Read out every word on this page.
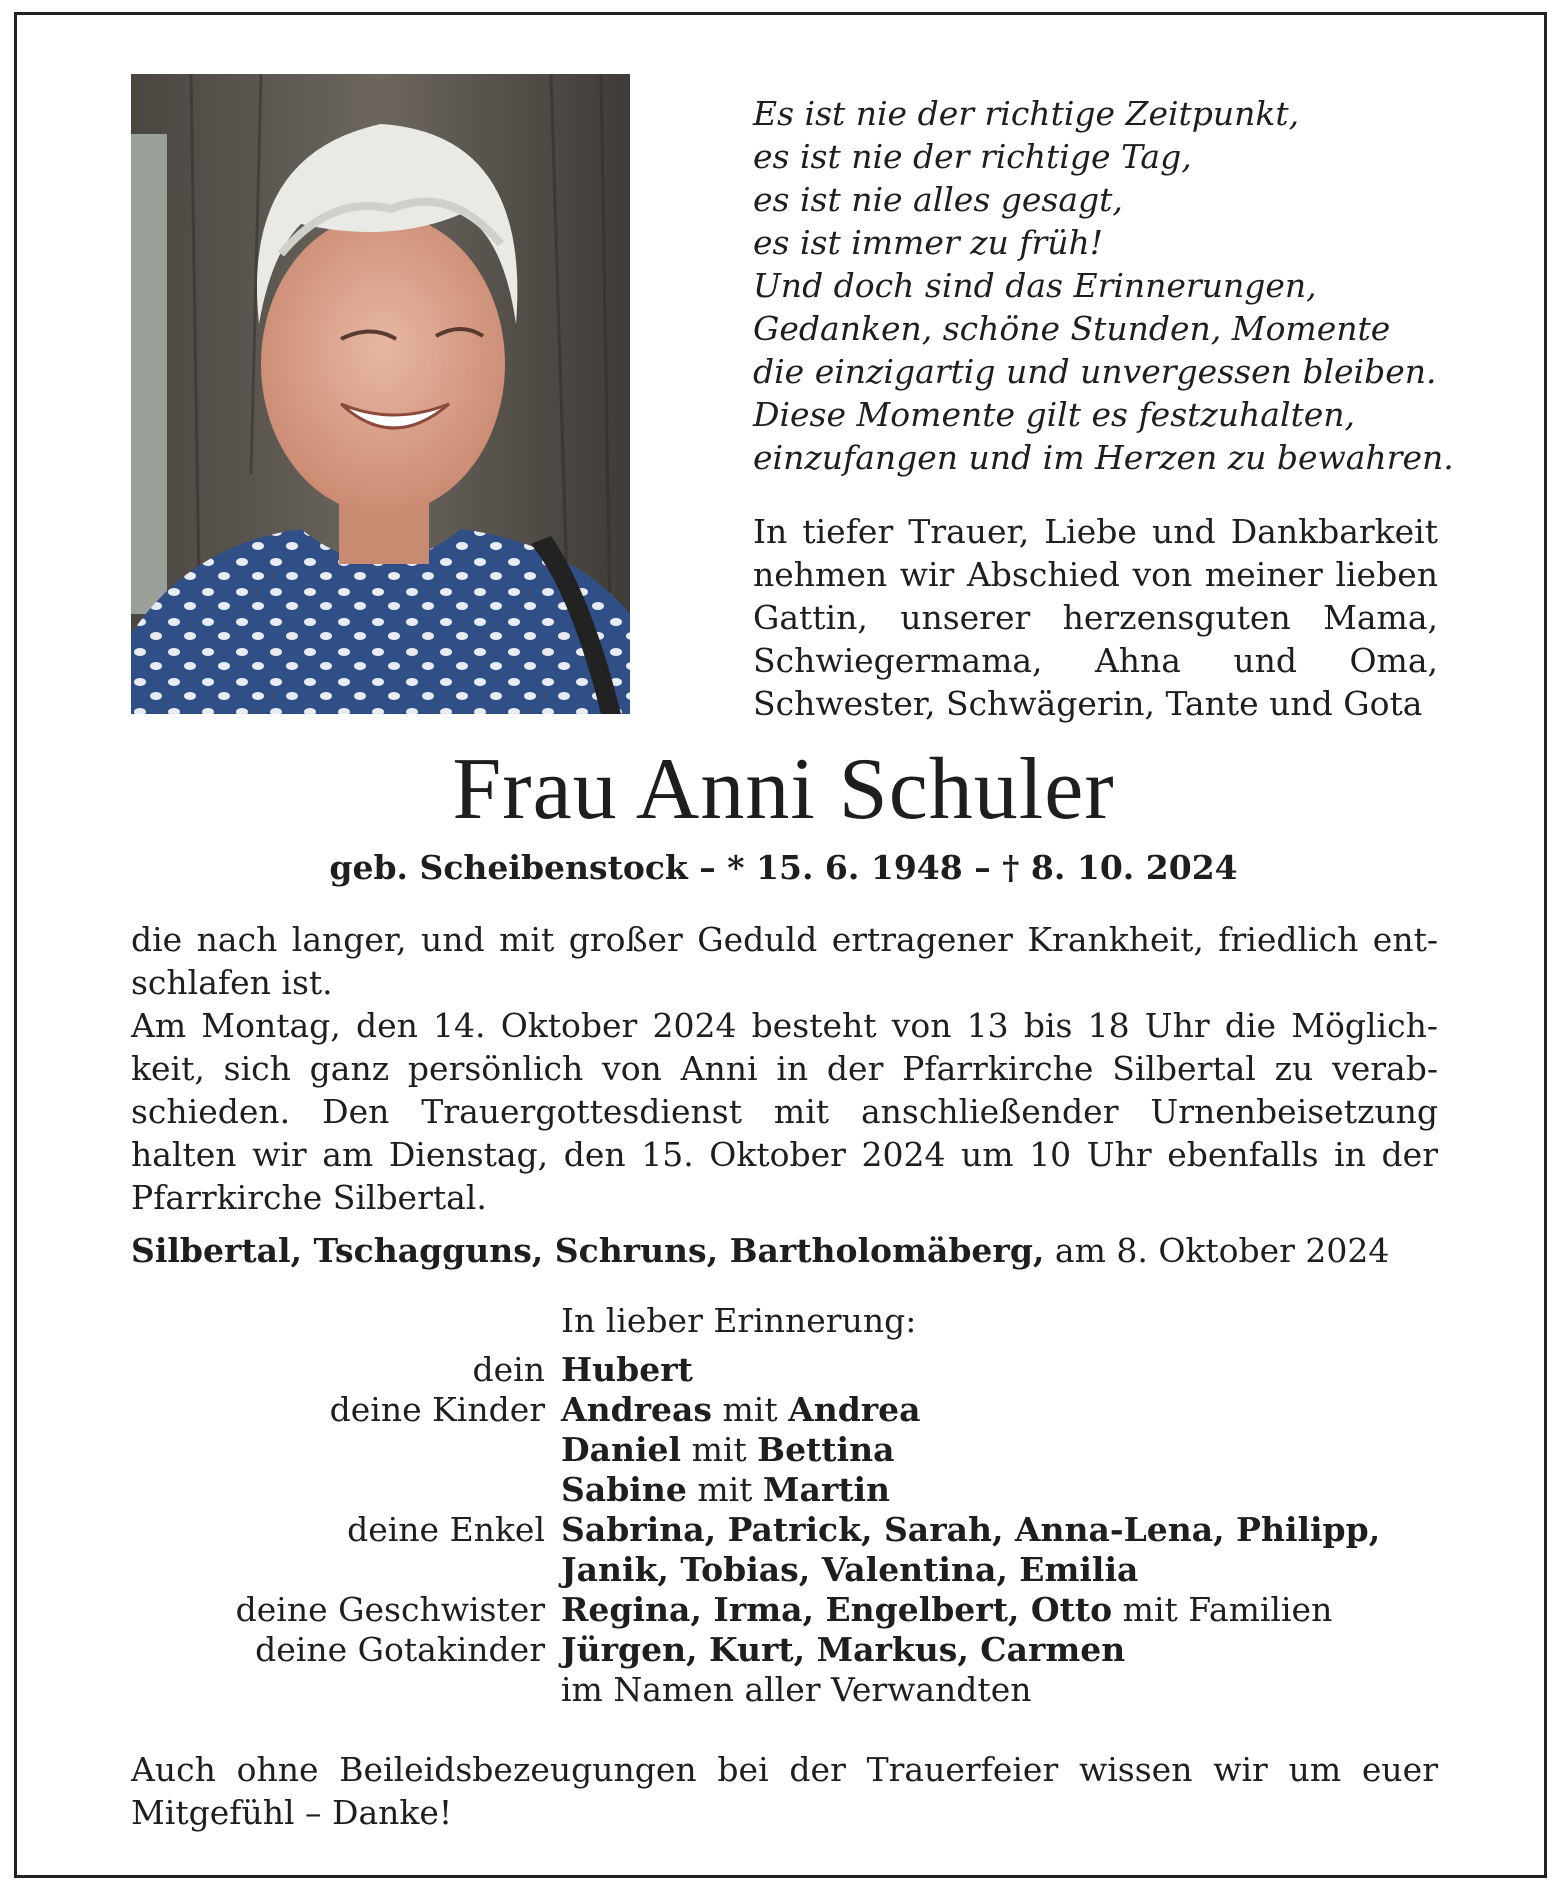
Es ist nie der richtige Zeitpunkt,
es ist nie der richtige Tag,
es ist nie alles gesagt,
es ist immer zu früh!
Und doch sind das Erinnerungen,
Gedanken, schöne Stunden, Momente
die einzigartig und unvergessen bleiben.
Diese Momente gilt es festzuhalten,
einzufangen und im Herzen zu bewahren.
In tiefer Trauer, Liebe und Dankbarkeit
nehmen wir Abschied von meiner lieben
Gattin, unserer herzensguten Mama,
Schwiegermama, Ahna und Oma,
Schwester, Schwägerin, Tante und Gota
Frau Anni Schuler
geb. Scheibenstock – * 15. 6. 1948 – † 8. 10. 2024
die nach langer, und mit großer Geduld ertragener Krankheit, friedlich ent-
schlafen ist.
Am Montag, den 14. Oktober 2024 besteht von 13 bis 18 Uhr die Möglich-
keit, sich ganz persönlich von Anni in der Pfarrkirche Silbertal zu verab-
schieden. Den Trauergottesdienst mit anschließender Urnenbeisetzung
halten wir am Dienstag, den 15. Oktober 2024 um 10 Uhr ebenfalls in der
Pfarrkirche Silbertal.
Silbertal, Tschagguns, Schruns, Bartholomäberg, am 8. Oktober 2024
In lieber Erinnerung:
dein Hubert
deine Kinder Andreas mit Andrea
Daniel mit Bettina
Sabine mit Martin
deine Enkel Sabrina, Patrick, Sarah, Anna-Lena, Philipp,
Janik, Tobias, Valentina, Emilia
deine Geschwister Regina, Irma, Engelbert, Otto mit Familien
deine Gotakinder Jürgen, Kurt, Markus, Carmen
im Namen aller Verwandten
Auch ohne Beileidsbezeugungen bei der Trauerfeier wissen wir um euer
Mitgefühl – Danke!
